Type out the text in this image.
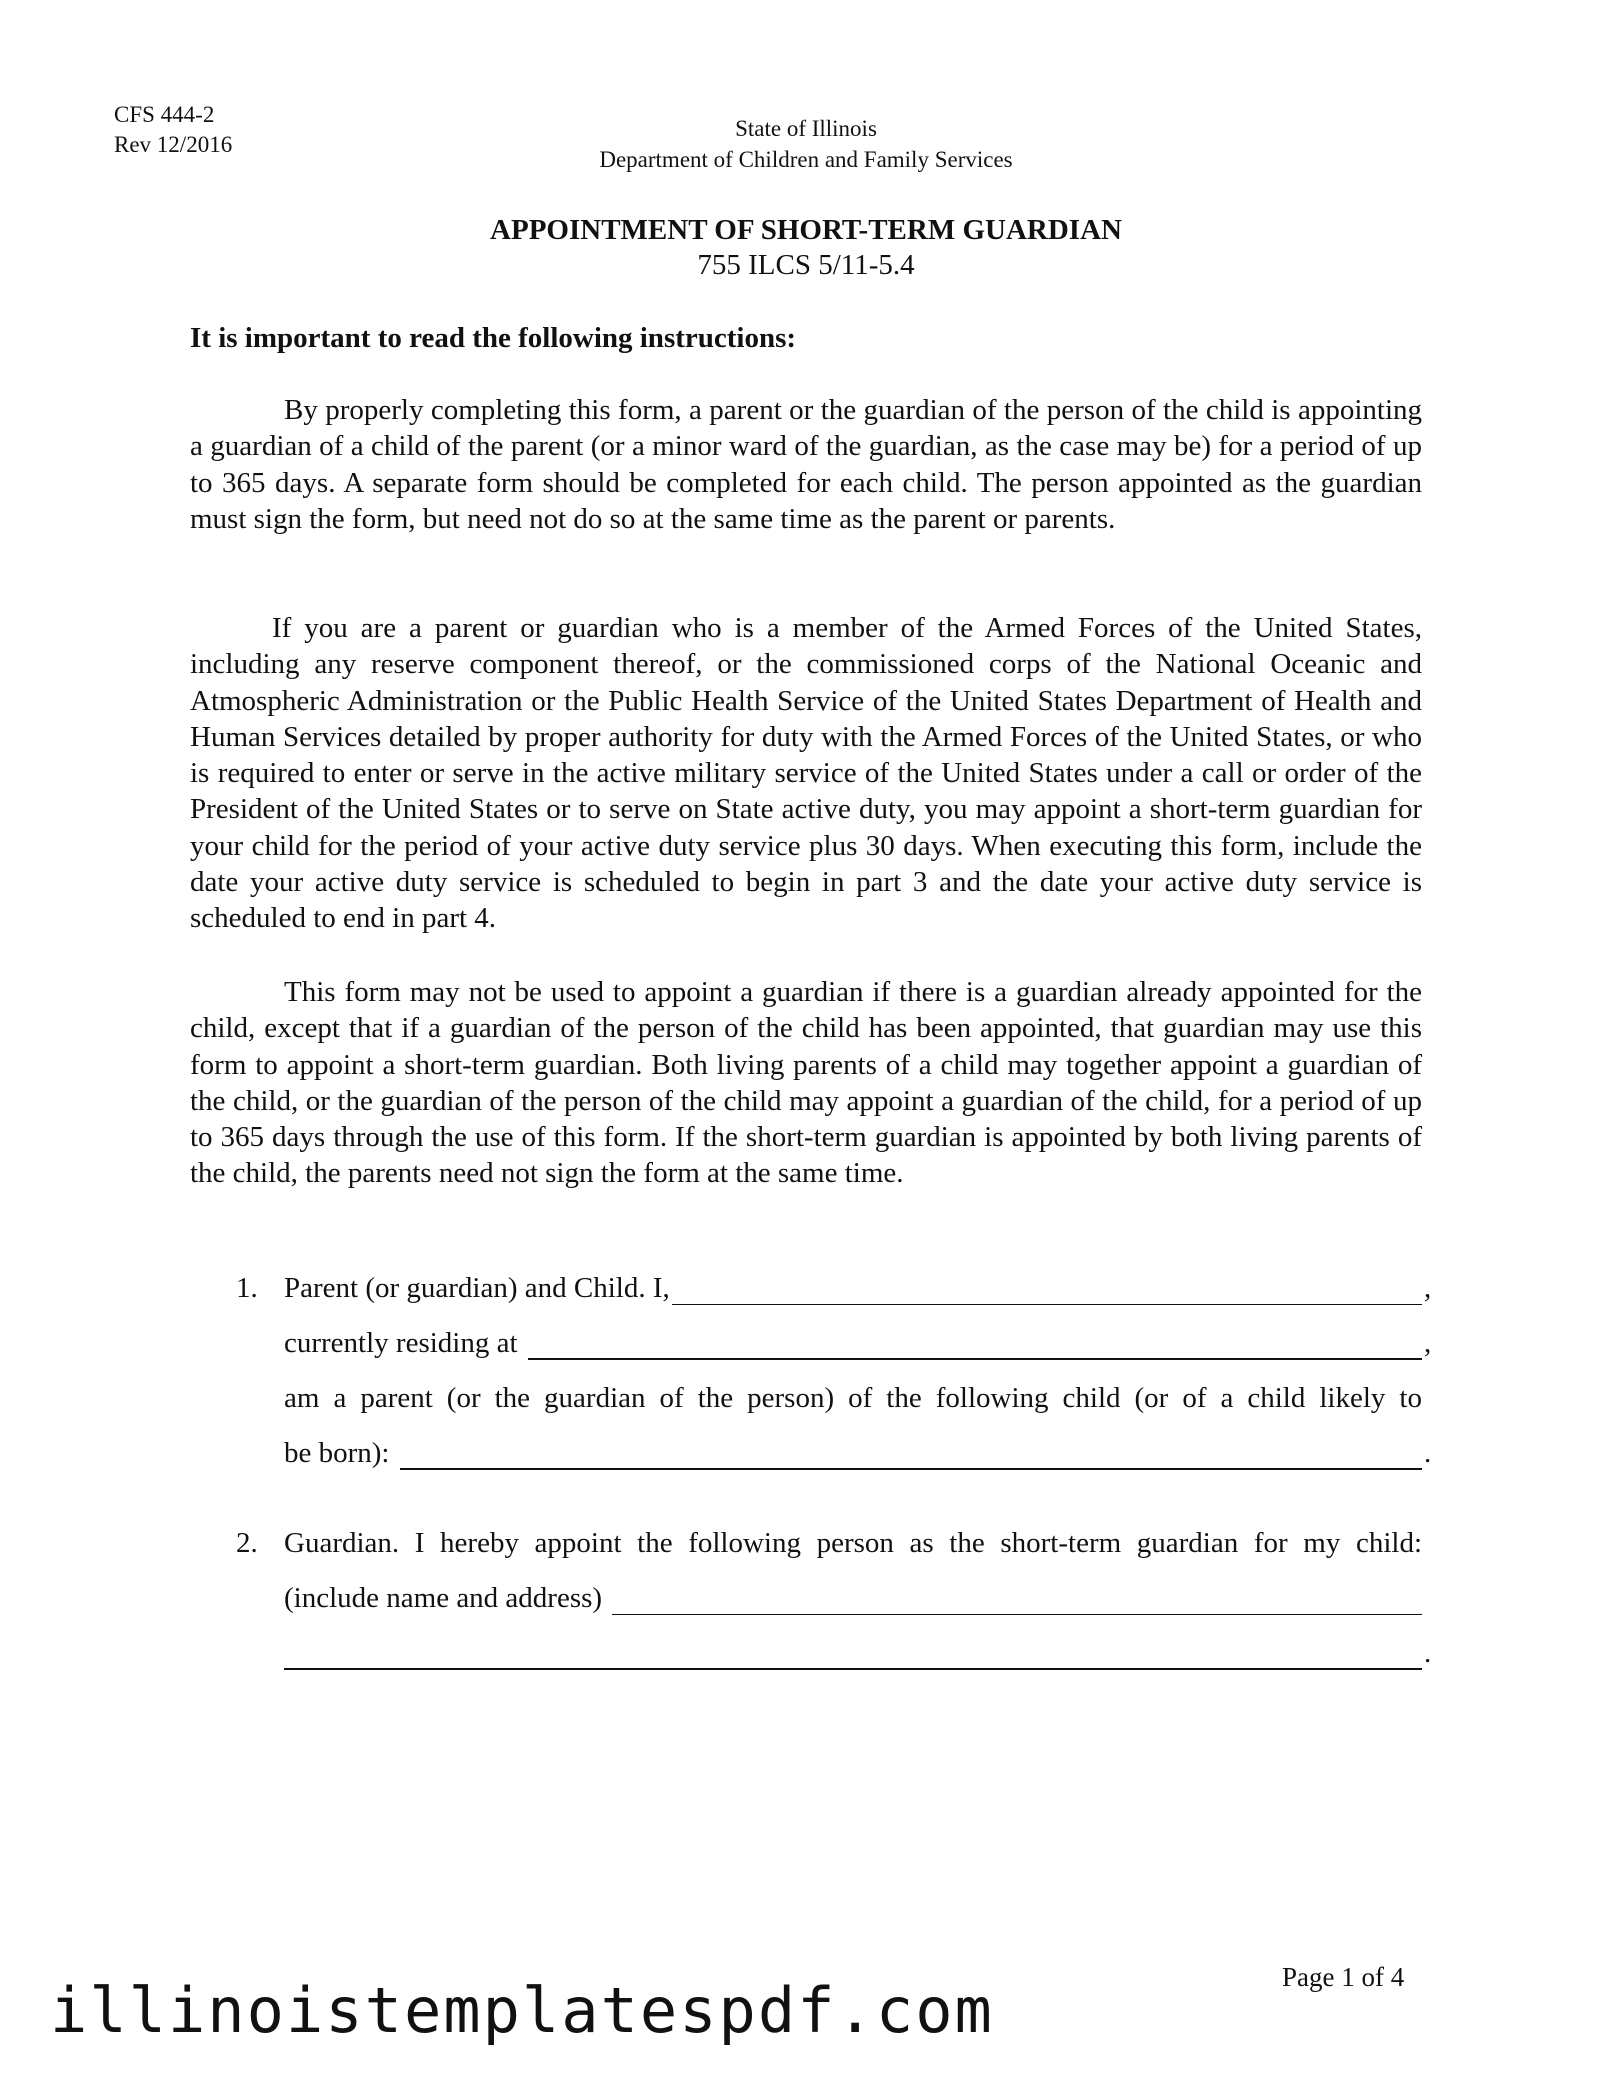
CFS 444-2
Rev 12/2016
State of Illinois
Department of Children and Family Services
APPOINTMENT OF SHORT-TERM GUARDIAN
755 ILCS 5/11-5.4
It is important to read the following instructions:

By properly completing this form, a parent or the guardian of the person of the child is appointing a guardian of a child of the parent (or a minor ward of the guardian, as the case may be) for a period of up to 365 days. A separate form should be completed for each child. The person appointed as the guardian must sign the form, but need not do so at the same time as the parent or parents.

If you are a parent or guardian who is a member of the Armed Forces of the United States, including any reserve component thereof, or the commissioned corps of the National Oceanic and Atmospheric Administration or the Public Health Service of the United States Department of Health and Human Services detailed by proper authority for duty with the Armed Forces of the United States, or who is required to enter or serve in the active military service of the United States under a call or order of the President of the United States or to serve on State active duty, you may appoint a short-term guardian for your child for the period of your active duty service plus 30 days. When executing this form, include the date your active duty service is scheduled to begin in part 3 and the date your active duty service is scheduled to end in part 4.

This form may not be used to appoint a guardian if there is a guardian already appointed for the child, except that if a guardian of the person of the child has been appointed, that guardian may use this form to appoint a short-term guardian. Both living parents of a child may together appoint a guardian of the child, or the guardian of the person of the child may appoint a guardian of the child, for a period of up to 365 days through the use of this form. If the short-term guardian is appointed by both living parents of the child, the parents need not sign the form at the same time.

1. Parent (or guardian) and Child. I,	,
currently residing at	,
am a parent (or the guardian of the person) of the following child (or of a child likely to
be born):	.
2. Guardian. I hereby appoint the following person as the short-term guardian for my child:
(include name and address)
.
Page 1 of 4
illinoistemplatespdf.com
